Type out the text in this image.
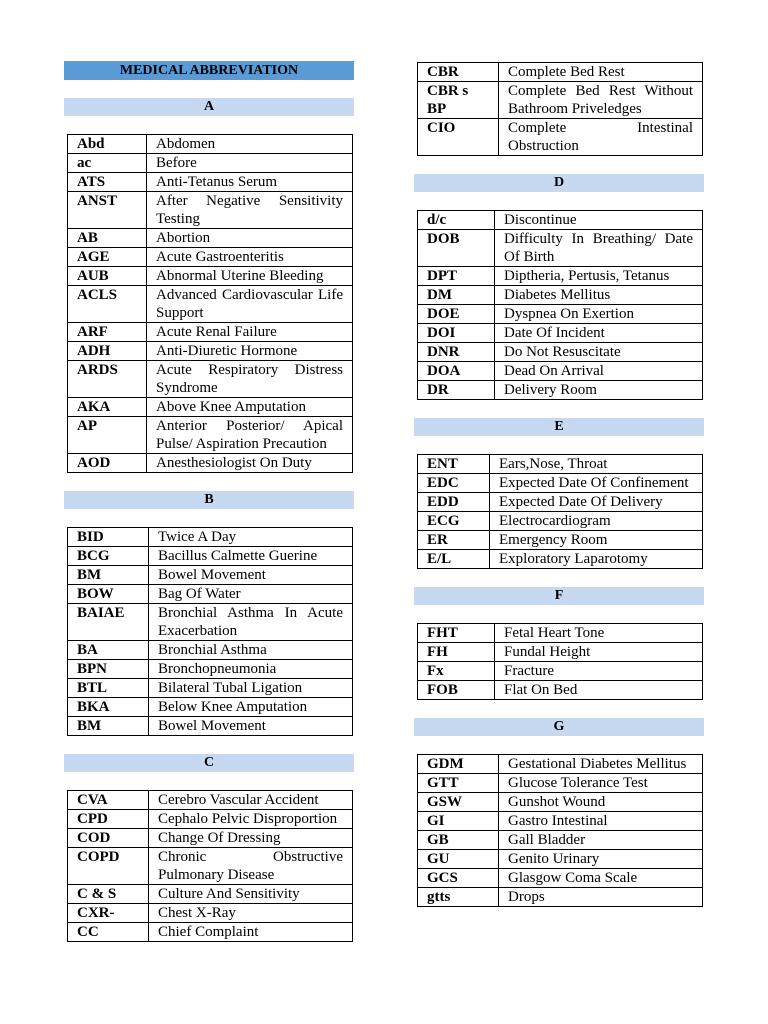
MEDICAL ABBREVIATION
A
Abd	Abdomen
ac	Before
ATS	Anti-Tetanus Serum
ANST	After Negative Sensitivity Testing
AB	Abortion
AGE	Acute Gastroenteritis
AUB	Abnormal Uterine Bleeding
ACLS	Advanced Cardiovascular Life Support
ARF	Acute Renal Failure
ADH	Anti-Diuretic Hormone
ARDS	Acute Respiratory Distress Syndrome
AKA	Above Knee Amputation
AP	Anterior Posterior/ Apical Pulse/ Aspiration Precaution
AOD	Anesthesiologist On Duty
B
BID	Twice A Day
BCG	Bacillus Calmette Guerine
BM	Bowel Movement
BOW	Bag Of Water
BAIAE	Bronchial Asthma In Acute Exacerbation
BA	Bronchial Asthma
BPN	Bronchopneumonia
BTL	Bilateral Tubal Ligation
BKA	Below Knee Amputation
BM	Bowel Movement
C
CVA	Cerebro Vascular Accident
CPD	Cephalo Pelvic Disproportion
COD	Change Of Dressing
COPD	Chronic Obstructive Pulmonary Disease
C & S	Culture And Sensitivity
CXR-	Chest X-Ray
CC	Chief Complaint
CBR	Complete Bed Rest
CBR s BP	Complete Bed Rest Without Bathroom Priveledges
CIO	Complete Intestinal Obstruction
D
d/c	Discontinue
DOB	Difficulty In Breathing/ Date Of Birth
DPT	Diptheria, Pertusis, Tetanus
DM	Diabetes Mellitus
DOE	Dyspnea On Exertion
DOI	Date Of Incident
DNR	Do Not Resuscitate
DOA	Dead On Arrival
DR	Delivery Room
E
ENT	Ears,Nose, Throat
EDC	Expected Date Of Confinement
EDD	Expected Date Of Delivery
ECG	Electrocardiogram
ER	Emergency Room
E/L	Exploratory Laparotomy
F
FHT	Fetal Heart Tone
FH	Fundal Height
Fx	Fracture
FOB	Flat On Bed
G
GDM	Gestational Diabetes Mellitus
GTT	Glucose Tolerance Test
GSW	Gunshot Wound
GI	Gastro Intestinal
GB	Gall Bladder
GU	Genito Urinary
GCS	Glasgow Coma Scale
gtts	Drops
